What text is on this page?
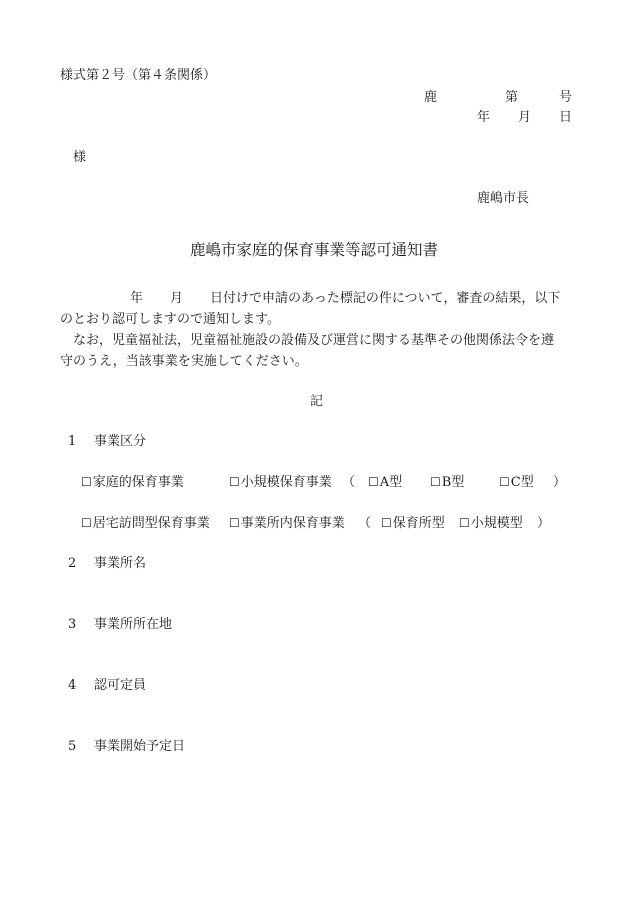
様式第２号（第４条関係）
鹿	第	号
年 月 日
様
鹿嶋市長
鹿嶋市家庭的保育事業等認可通知書
年 月 日付けで申請のあった標記の件について，審査の結果，以下
のとおり認可しますので通知します。
なお，児童福祉法，児童福祉施設の設備及び運営に関する基準その他関係法令を遵
守のうえ，当該事業を実施してください。
記
1 事業区分
☐家庭的保育事業	☐小規模保育事業 （ ☐A型 ☐B型	☐C型 ）
☐居宅訪問型保育事業 ☐事業所内保育事業 （ ☐保育所型 ☐小規模型 ）
2 事業所名
3 事業所所在地
4 認可定員
5 事業開始予定日
